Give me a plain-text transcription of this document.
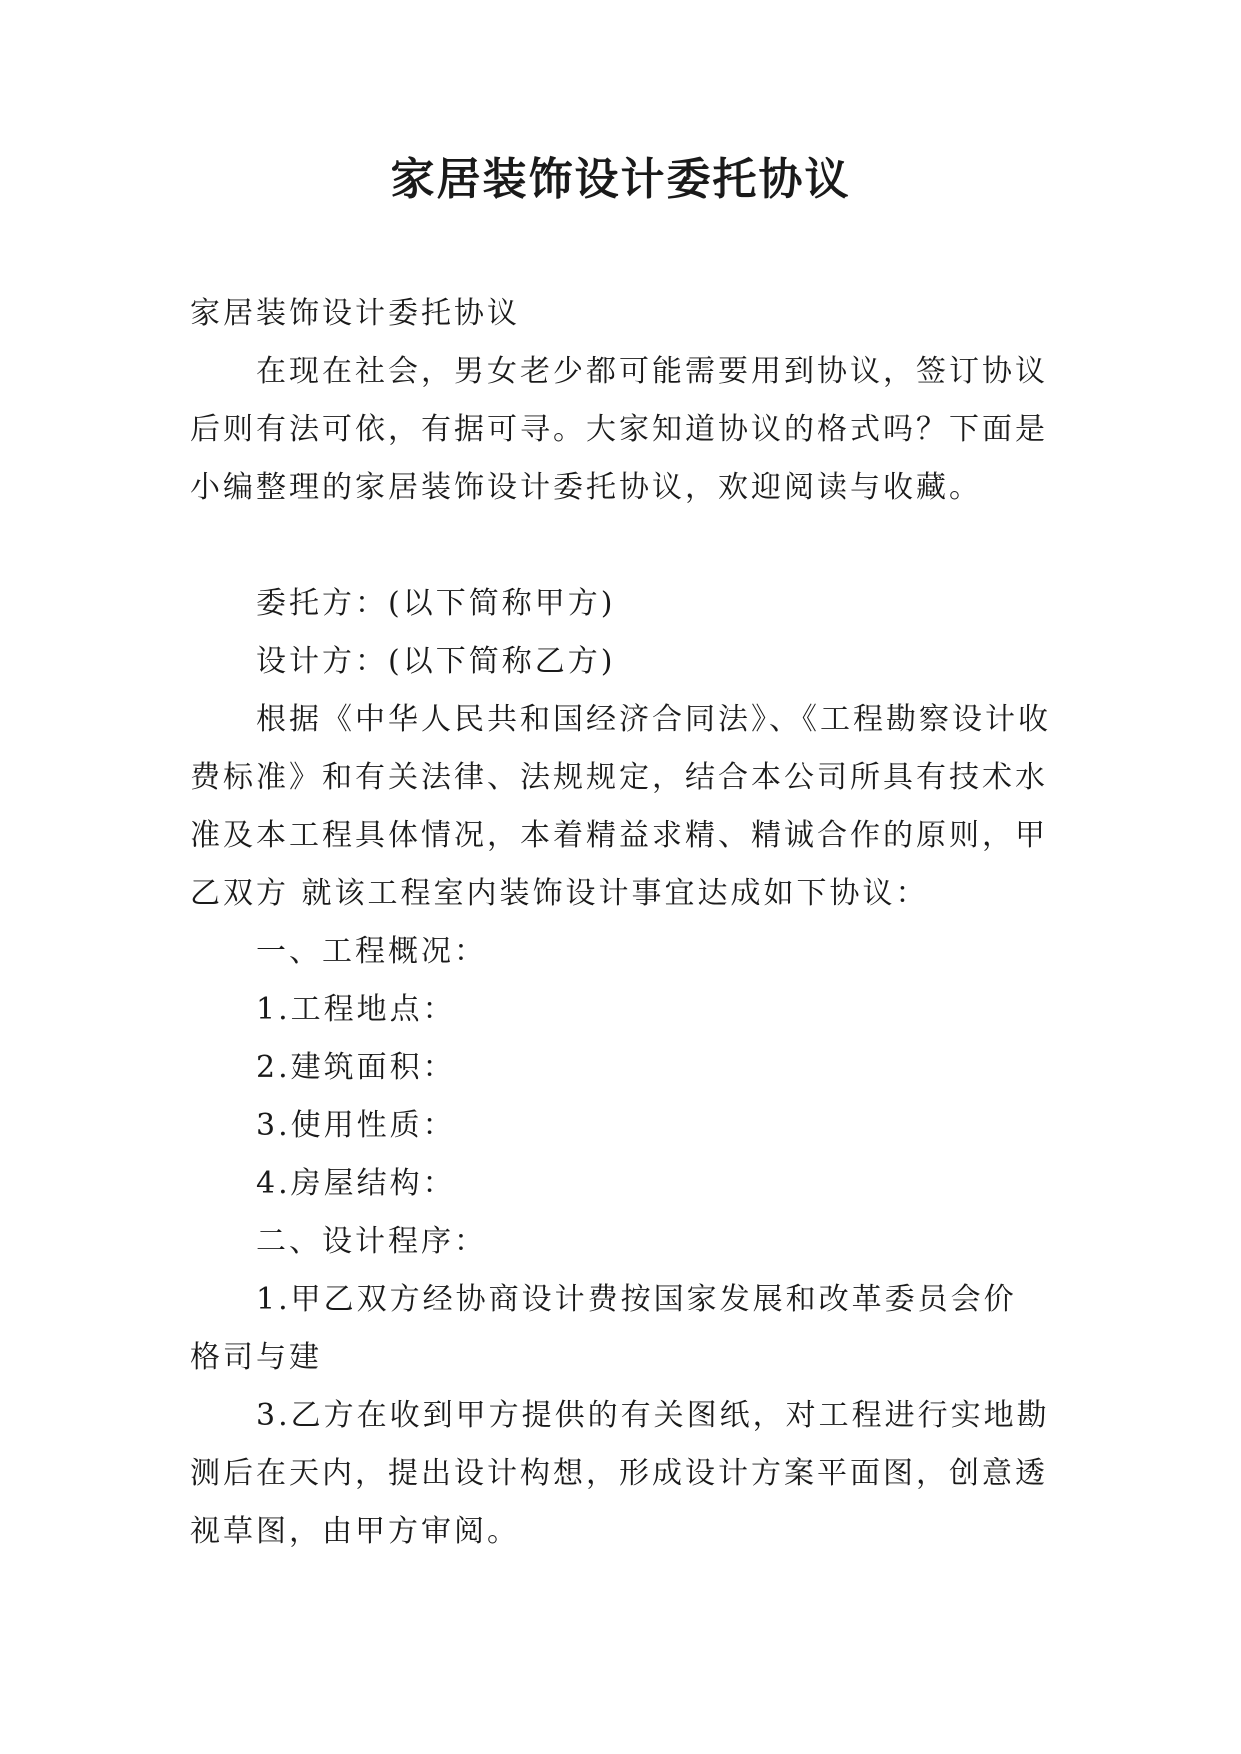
家居装饰设计委托协议
家居装饰设计委托协议
在现在社会，男女老少都可能需要用到协议，签订协议
后则有法可依，有据可寻。大家知道协议的格式吗？下面是
小编整理的家居装饰设计委托协议，欢迎阅读与收藏。
委托方：(以下简称甲方)
设计方：(以下简称乙方)
根据《中华人民共和国经济合同法》、《工程勘察设计收
费标准》和有关法律、法规规定，结合本公司所具有技术水
准及本工程具体情况，本着精益求精、精诚合作的原则，甲
乙双方 就该工程室内装饰设计事宜达成如下协议：
一、工程概况：
1.工程地点：
2.建筑面积：
3.使用性质：
4.房屋结构：
二、设计程序：
1.甲乙双方经协商设计费按国家发展和改革委员会价
格司与建
3.乙方在收到甲方提供的有关图纸，对工程进行实地勘
测后在天内，提出设计构想，形成设计方案平面图，创意透
视草图，由甲方审阅。
